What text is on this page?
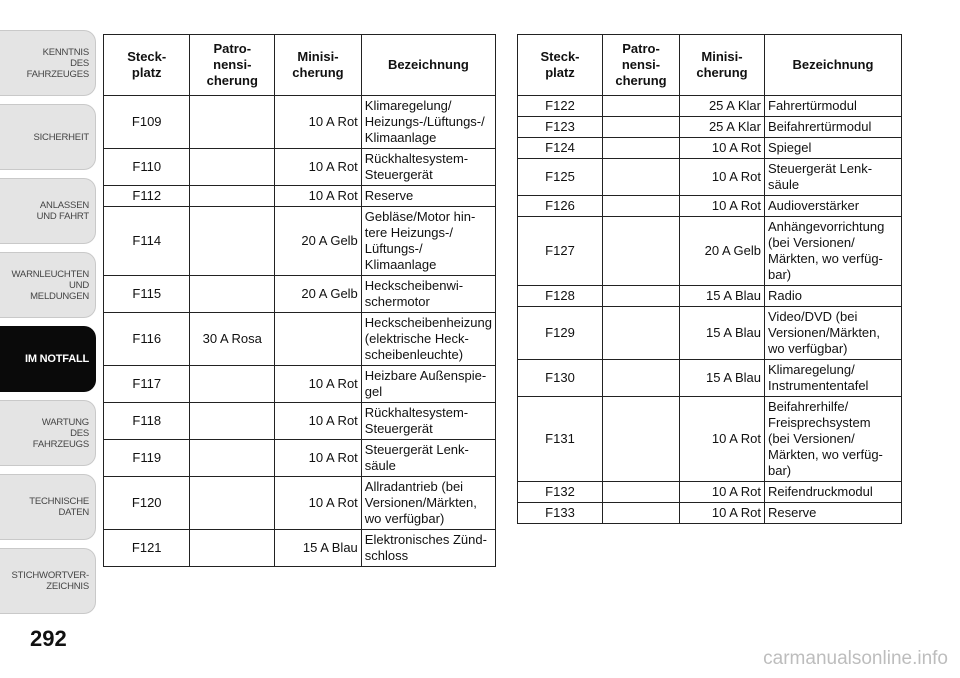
KENNTNIS
DES
FAHRZEUGES
SICHERHEIT
ANLASSEN
UND FAHRT
WARNLEUCHTEN
UND
MELDUNGEN
IM NOTFALL
WARTUNG
DES
FAHRZEUGS
TECHNISCHE
DATEN
STICHWORTVER-
ZEICHNIS
292
Steck-
platz	Patro-
nensi-
cherung	Minisi-
cherung	Bezeichnung
F109		10 A Rot	Klimaregelung/
Heizungs-/Lüftungs-/
Klimaanlage

F110		10 A Rot	Rückhaltesystem-
Steuergerät

F112		10 A Rot	Reserve

F114		20 A Gelb	Gebläse/Motor hin-
tere Heizungs-/
Lüftungs-/
Klimaanlage

F115		20 A Gelb	Heckscheibenwi-
schermotor

F116	30 A Rosa		Heckscheibenheizung
(elektrische Heck-
scheibenleuchte)

F117		10 A Rot	Heizbare Außenspie-
gel

F118		10 A Rot	Rückhaltesystem-
Steuergerät

F119		10 A Rot	Steuergerät Lenk-
säule

F120		10 A Rot	Allradantrieb (bei
Versionen/Märkten,
wo verfügbar)

F121		15 A Blau	Elektronisches Zünd-
schloss
Steck-
platz	Patro-
nensi-
cherung	Minisi-
cherung	Bezeichnung
F122		25 A Klar	Fahrertürmodul

F123		25 A Klar	Beifahrertürmodul

F124		10 A Rot	Spiegel

F125		10 A Rot	Steuergerät Lenk-
säule

F126		10 A Rot	Audioverstärker

F127		20 A Gelb	Anhängevorrichtung
(bei Versionen/
Märkten, wo verfüg-
bar)

F128		15 A Blau	Radio

F129		15 A Blau	Video/DVD (bei
Versionen/Märkten,
wo verfügbar)

F130		15 A Blau	Klimaregelung/
Instrumententafel

F131		10 A Rot	Beifahrerhilfe/
Freisprechsystem
(bei Versionen/
Märkten, wo verfüg-
bar)

F132		10 A Rot	Reifendruckmodul

F133		10 A Rot	Reserve
carmanualsonline.info
